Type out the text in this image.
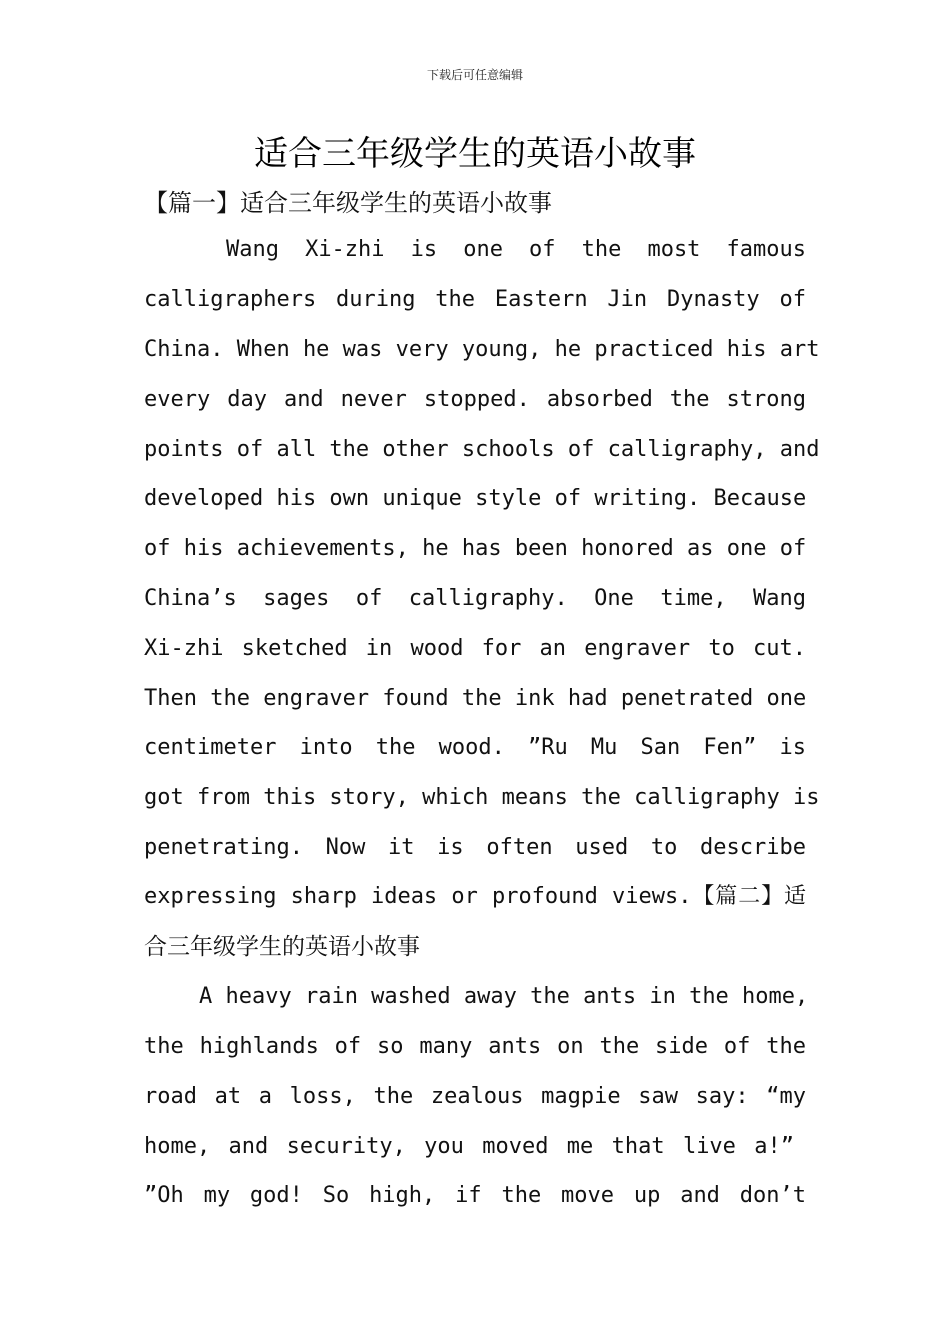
下载后可任意编辑
适合三年级学生的英语小故事
【篇一】适合三年级学生的英语小故事
Wang Xi-zhi is one of the most famous
calligraphers during the Eastern Jin Dynasty of
China. When he was very young, he practiced his art
every day and never stopped. absorbed the strong
points of all the other schools of calligraphy, and
developed his own unique style of writing. Because
of his achievements, he has been honored as one of
China’s sages of calligraphy. One time, Wang
Xi-zhi sketched in wood for an engraver to cut.
Then the engraver found the ink had penetrated one
centimeter into the wood. ”Ru Mu San Fen” is
got from this story, which means the calligraphy is
penetrating. Now it is often used to describe
expressing sharp ideas or profound views.【篇二】适
合三年级学生的英语小故事
A heavy rain washed away the ants in the home,
the highlands of so many ants on the side of the
road at a loss, the zealous magpie saw say: “my
home, and security, you moved me that live a!”
”Oh my god! So high, if the move up and don’t
